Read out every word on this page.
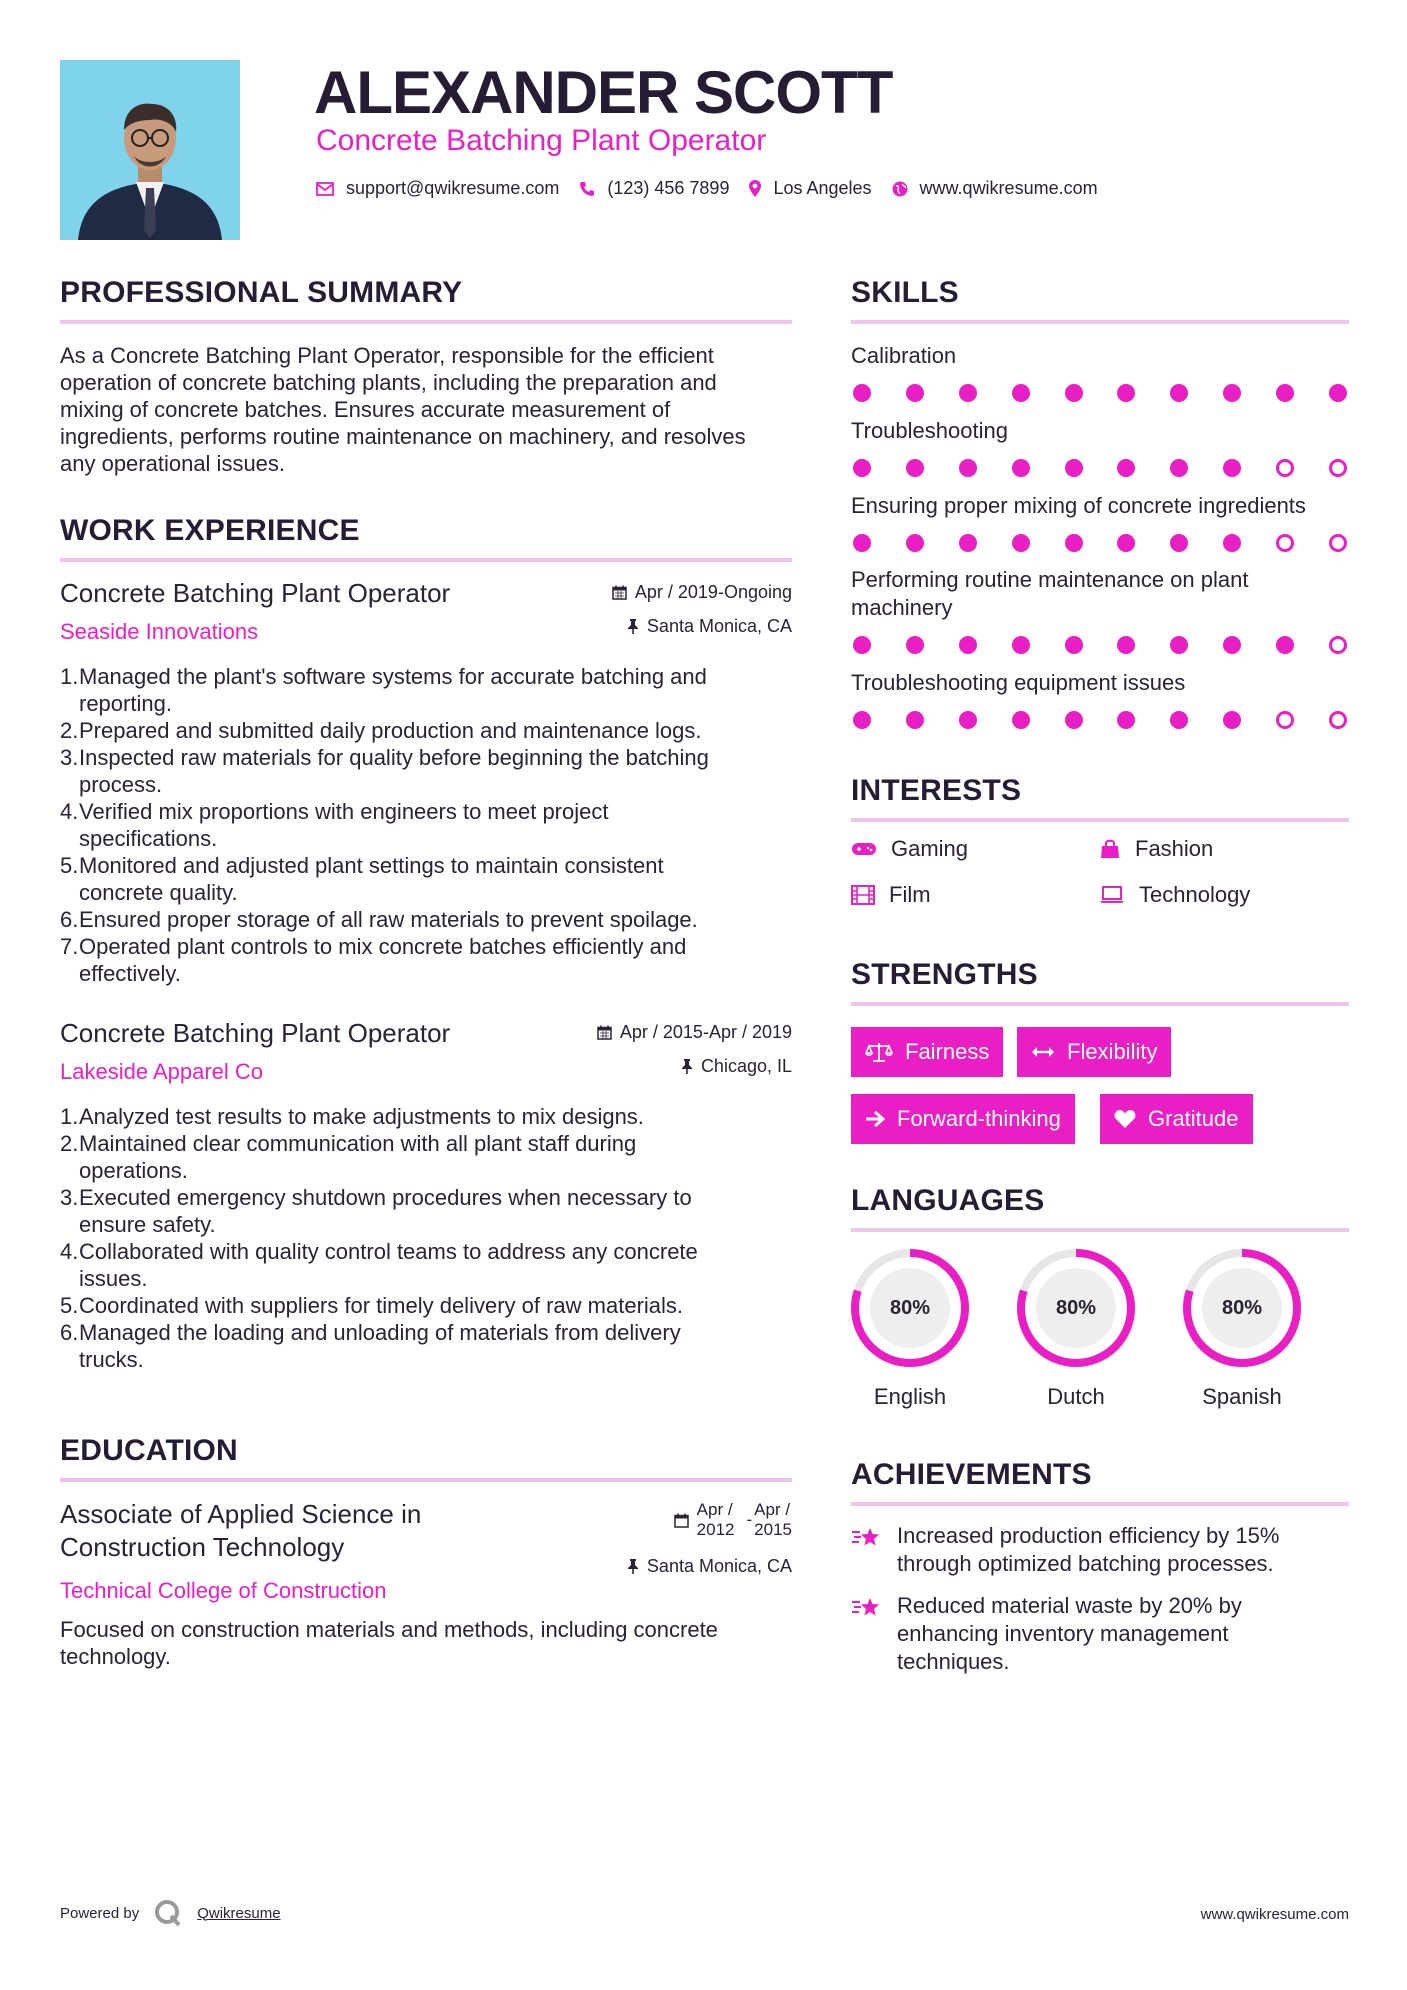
ALEXANDER SCOTT
Concrete Batching Plant Operator
support@qwikresume.com	(123) 456 7899 Los Angeles	www.qwikresume.com
PROFESSIONAL SUMMARY
As a Concrete Batching Plant Operator, responsible for the efficient
operation of concrete batching plants, including the preparation and
mixing of concrete batches. Ensures accurate measurement of
ingredients, performs routine maintenance on machinery, and resolves
any operational issues.
WORK EXPERIENCE
Concrete Batching Plant Operator
Seaside Innovations
Apr / 2019-Ongoing
Santa Monica, CA
1.Managed the plant's software systems for accurate batching and
reporting.
2.Prepared and submitted daily production and maintenance logs.
3.Inspected raw materials for quality before beginning the batching
process.
4.Verified mix proportions with engineers to meet project
specifications.
5.Monitored and adjusted plant settings to maintain consistent
concrete quality.
6.Ensured proper storage of all raw materials to prevent spoilage.
7.Operated plant controls to mix concrete batches efficiently and
effectively.
Concrete Batching Plant Operator
Lakeside Apparel Co
Apr / 2015-Apr / 2019
Chicago, IL
1.Analyzed test results to make adjustments to mix designs.
2.Maintained clear communication with all plant staff during
operations.
3.Executed emergency shutdown procedures when necessary to
ensure safety.
4.Collaborated with quality control teams to address any concrete
issues.
5.Coordinated with suppliers for timely delivery of raw materials.
6.Managed the loading and unloading of materials from delivery
trucks.
EDUCATION
Associate of Applied Science in
Construction Technology
Technical College of Construction
Apr /
2012
-
Apr /
2015
Santa Monica, CA
Focused on construction materials and methods, including concrete
technology.
SKILLS
Calibration
Troubleshooting
Ensuring proper mixing of concrete ingredients
Performing routine maintenance on plant
machinery
Troubleshooting equipment issues
INTERESTS
Gaming	Fashion
Film	Technology
STRENGTHS
Fairness	Flexibility
Forward-thinking	Gratitude
LANGUAGES
80%
English
80%
Dutch
80%
Spanish
ACHIEVEMENTS
Increased production efficiency by 15%
through optimized batching processes.
Reduced material waste by 20% by
enhancing inventory management
techniques.
Powered by	Qwikresume	www.qwikresume.com
